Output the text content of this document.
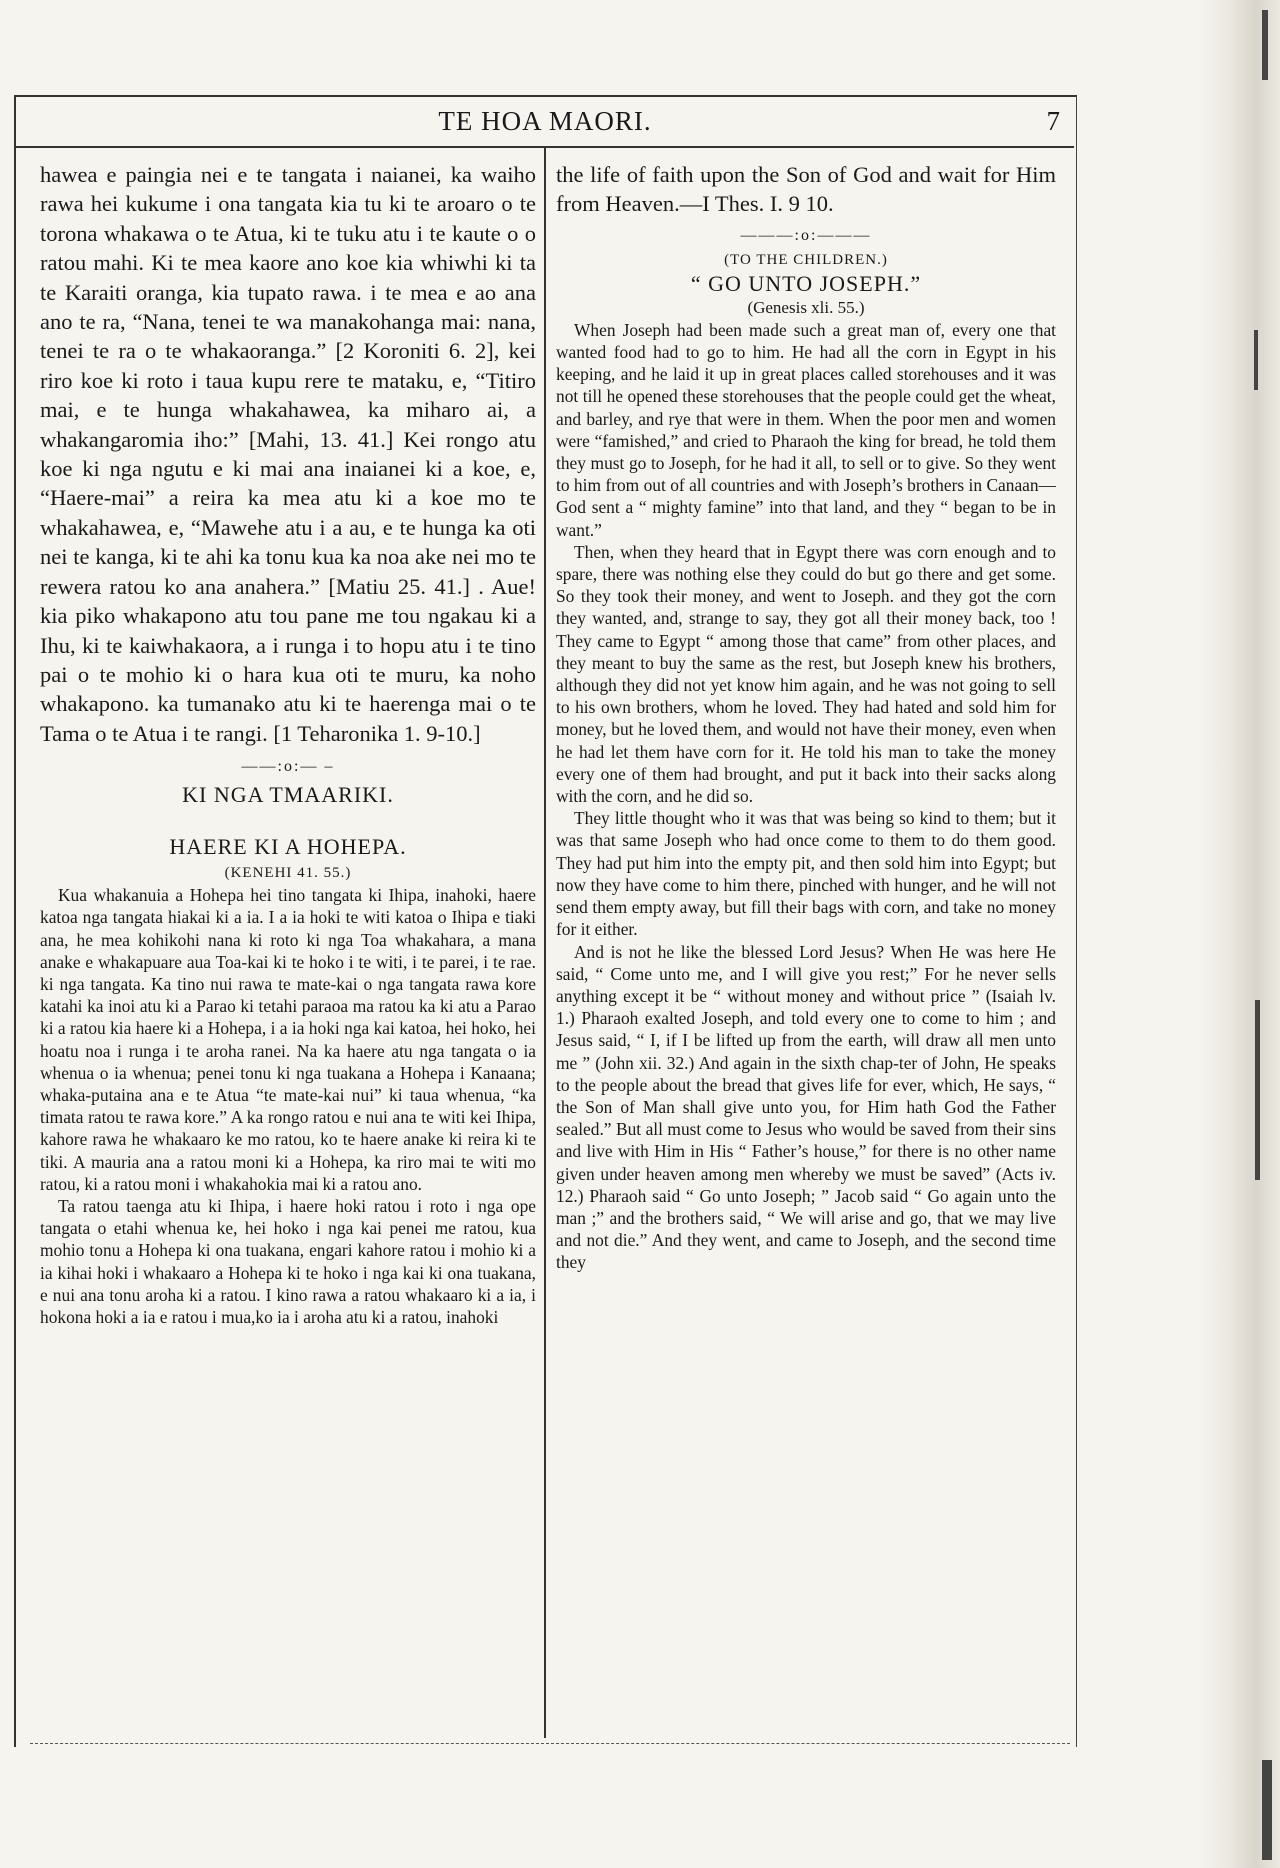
TE HOA MAORI.	7

hawea e paingia nei e te tangata i naianei, ka waiho rawa hei kukume i ona tangata kia tu ki te aroaro o te torona whakawa o te Atua, ki te tuku atu i te kaute o o ratou mahi. Ki te mea kaore ano koe kia whiwhi ki ta te Karaiti oranga, kia tupato rawa. i te mea e ao ana ano te ra, “Nana, tenei te wa manakohanga mai: nana, tenei te ra o te whakaoranga.” [2 Koroniti 6. 2], kei riro koe ki roto i taua kupu rere te mataku, e, “Titiro mai, e te hunga whakahawea, ka miharo ai, a whakangaromia iho:” [Mahi, 13. 41.] Kei rongo atu koe ki nga ngutu e ki mai ana inaianei ki a koe, e, “Haere-mai” a reira ka mea atu ki a koe mo te whakahawea, e, “Mawehe atu i a au, e te hunga ka oti nei te kanga, ki te ahi ka tonu kua ka noa ake nei mo te rewera ratou ko ana anahera.” [Matiu 25. 41.] . Aue! kia piko whakapono atu tou pane me tou ngakau ki a Ihu, ki te kaiwhakaora, a i runga i to hopu atu i te tino pai o te mohio ki o hara kua oti te muru, ka noho whakapono. ka tumanako atu ki te haerenga mai o te Tama o te Atua i te rangi. [1 Teharonika 1. 9-10.]

——:o:— –
KI NGA TMAARIKI.
HAERE KI A HOHEPA.
(KENEHI 41. 55.)

Kua whakanuia a Hohepa hei tino tangata ki Ihipa, inahoki, haere katoa nga tangata hiakai ki a ia. I a ia hoki te witi katoa o Ihipa e tiaki ana, he mea kohikohi nana ki roto ki nga Toa whakahara, a mana anake e whakapuare aua Toa-kai ki te hoko i te witi, i te parei, i te rae. ki nga tangata. Ka tino nui rawa te mate-kai o nga tangata rawa kore katahi ka inoi atu ki a Parao ki tetahi paraoa ma ratou ka ki atu a Parao ki a ratou kia haere ki a Hohepa, i a ia hoki nga kai katoa, hei hoko, hei hoatu noa i runga i te aroha ranei. Na ka haere atu nga tangata o ia whenua o ia whenua; penei tonu ki nga tuakana a Hohepa i Kanaana; whaka-putaina ana e te Atua “te mate-kai nui” ki taua whenua, “ka timata ratou te rawa kore.” A ka rongo ratou e nui ana te witi kei Ihipa, kahore rawa he whakaaro ke mo ratou, ko te haere anake ki reira ki te tiki. A mauria ana a ratou moni ki a Hohepa, ka riro mai te witi mo ratou, ki a ratou moni i whakahokia mai ki a ratou ano.

Ta ratou taenga atu ki Ihipa, i haere hoki ratou i roto i nga ope tangata o etahi whenua ke, hei hoko i nga kai penei me ratou, kua mohio tonu a Hohepa ki ona tuakana, engari kahore ratou i mohio ki a ia kihai hoki i whakaaro a Hohepa ki te hoko i nga kai ki ona tuakana, e nui ana tonu aroha ki a ratou. I kino rawa a ratou whakaaro ki a ia, i hokona hoki a ia e ratou i mua,ko ia i aroha atu ki a ratou, inahoki

the life of faith upon the Son of God and wait for Him from Heaven.—I Thes. I. 9 10.

———:o:———
(TO THE CHILDREN.)
“ GO UNTO JOSEPH.”
(Genesis xli. 55.)

When Joseph had been made such a great man of, every one that wanted food had to go to him. He had all the corn in Egypt in his keeping, and he laid it up in great places called storehouses and it was not till he opened these storehouses that the people could get the wheat, and barley, and rye that were in them. When the poor men and women were “famished,” and cried to Pharaoh the king for bread, he told them they must go to Joseph, for he had it all, to sell or to give. So they went to him from out of all countries and with Joseph’s brothers in Canaan—God sent a “ mighty famine” into that land, and they “ began to be in want.”

Then, when they heard that in Egypt there was corn enough and to spare, there was nothing else they could do but go there and get some. So they took their money, and went to Joseph. and they got the corn they wanted, and, strange to say, they got all their money back, too ! They came to Egypt “ among those that came” from other places, and they meant to buy the same as the rest, but Joseph knew his brothers, although they did not yet know him again, and he was not going to sell to his own brothers, whom he loved. They had hated and sold him for money, but he loved them, and would not have their money, even when he had let them have corn for it. He told his man to take the money every one of them had brought, and put it back into their sacks along with the corn, and he did so.

They little thought who it was that was being so kind to them; but it was that same Joseph who had once come to them to do them good. They had put him into the empty pit, and then sold him into Egypt; but now they have come to him there, pinched with hunger, and he will not send them empty away, but fill their bags with corn, and take no money for it either.

And is not he like the blessed Lord Jesus? When He was here He said, “ Come unto me, and I will give you rest;” For he never sells anything except it be “ without money and without price ” (Isaiah lv. 1.) Pharaoh exalted Joseph, and told every one to come to him ; and Jesus said, “ I, if I be lifted up from the earth, will draw all men unto me ” (John xii. 32.) And again in the sixth chap-ter of John, He speaks to the people about the bread that gives life for ever, which, He says, “ the Son of Man shall give unto you, for Him hath God the Father sealed.” But all must come to Jesus who would be saved from their sins and live with Him in His “ Father’s house,” for there is no other name given under heaven among men whereby we must be saved” (Acts iv. 12.) Pharaoh said “ Go unto Joseph; ” Jacob said “ Go again unto the man ;” and the brothers said, “ We will arise and go, that we may live and not die.” And they went, and came to Joseph, and the second time they
